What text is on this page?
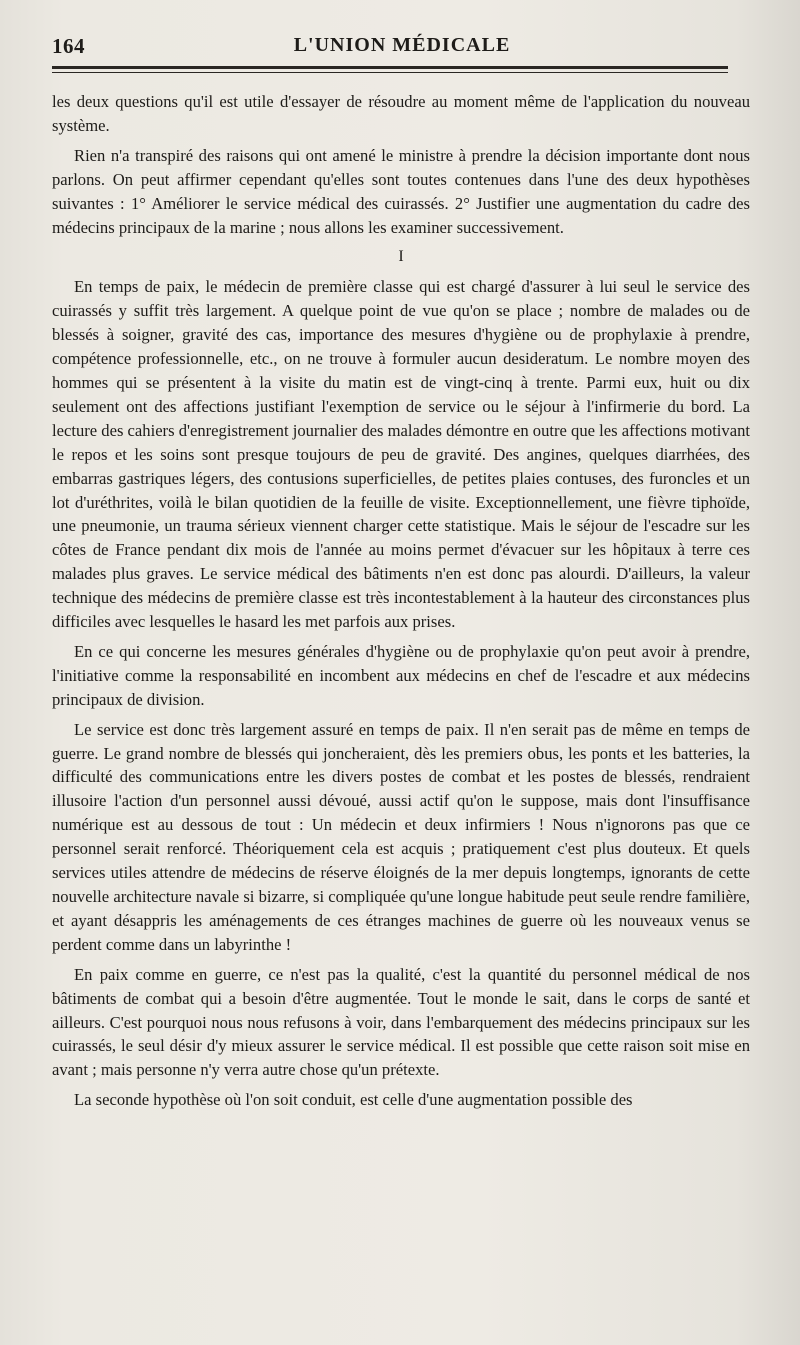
164	L'UNION MÉDICALE

les deux questions qu'il est utile d'essayer de résoudre au moment même de l'application du nouveau système.

Rien n'a transpiré des raisons qui ont amené le ministre à prendre la décision importante dont nous parlons. On peut affirmer cependant qu'elles sont toutes contenues dans l'une des deux hypothèses suivantes : 1° Améliorer le service médical des cuirassés. 2° Justifier une augmentation du cadre des médecins principaux de la marine ; nous allons les examiner successivement.

I

En temps de paix, le médecin de première classe qui est chargé d'assurer à lui seul le service des cuirassés y suffit très largement. A quelque point de vue qu'on se place ; nombre de malades ou de blessés à soigner, gravité des cas, importance des mesures d'hygiène ou de prophylaxie à prendre, compétence professionnelle, etc., on ne trouve à formuler aucun desideratum. Le nombre moyen des hommes qui se présentent à la visite du matin est de vingt-cinq à trente. Parmi eux, huit ou dix seulement ont des affections justifiant l'exemption de service ou le séjour à l'infirmerie du bord. La lecture des cahiers d'enregistrement journalier des malades démontre en outre que les affections motivant le repos et les soins sont presque toujours de peu de gravité. Des angines, quelques diarrhées, des embarras gastriques légers, des contusions superficielles, de petites plaies contuses, des furoncles et un lot d'uréthrites, voilà le bilan quotidien de la feuille de visite. Exceptionnellement, une fièvre tiphoïde, une pneumonie, un trauma sérieux viennent charger cette statistique. Mais le séjour de l'escadre sur les côtes de France pendant dix mois de l'année au moins permet d'évacuer sur les hôpitaux à terre ces malades plus graves. Le service médical des bâtiments n'en est donc pas alourdi. D'ailleurs, la valeur technique des médecins de première classe est très incontestablement à la hauteur des circonstances plus difficiles avec lesquelles le hasard les met parfois aux prises.

En ce qui concerne les mesures générales d'hygiène ou de prophylaxie qu'on peut avoir à prendre, l'initiative comme la responsabilité en incombent aux médecins en chef de l'escadre et aux médecins principaux de division.

Le service est donc très largement assuré en temps de paix. Il n'en serait pas de même en temps de guerre. Le grand nombre de blessés qui joncheraient, dès les premiers obus, les ponts et les batteries, la difficulté des communications entre les divers postes de combat et les postes de blessés, rendraient illusoire l'action d'un personnel aussi dévoué, aussi actif qu'on le suppose, mais dont l'insuffisance numérique est au dessous de tout : Un médecin et deux infirmiers ! Nous n'ignorons pas que ce personnel serait renforcé. Théoriquement cela est acquis ; pratiquement c'est plus douteux. Et quels services utiles attendre de médecins de réserve éloignés de la mer depuis longtemps, ignorants de cette nouvelle architecture navale si bizarre, si compliquée qu'une longue habitude peut seule rendre familière, et ayant désappris les aménagements de ces étranges machines de guerre où les nouveaux venus se perdent comme dans un labyrinthe !

En paix comme en guerre, ce n'est pas la qualité, c'est la quantité du personnel médical de nos bâtiments de combat qui a besoin d'être augmentée. Tout le monde le sait, dans le corps de santé et ailleurs. C'est pourquoi nous nous refusons à voir, dans l'embarquement des médecins principaux sur les cuirassés, le seul désir d'y mieux assurer le service médical. Il est possible que cette raison soit mise en avant ; mais personne n'y verra autre chose qu'un prétexte.

La seconde hypothèse où l'on soit conduit, est celle d'une augmentation possible des
